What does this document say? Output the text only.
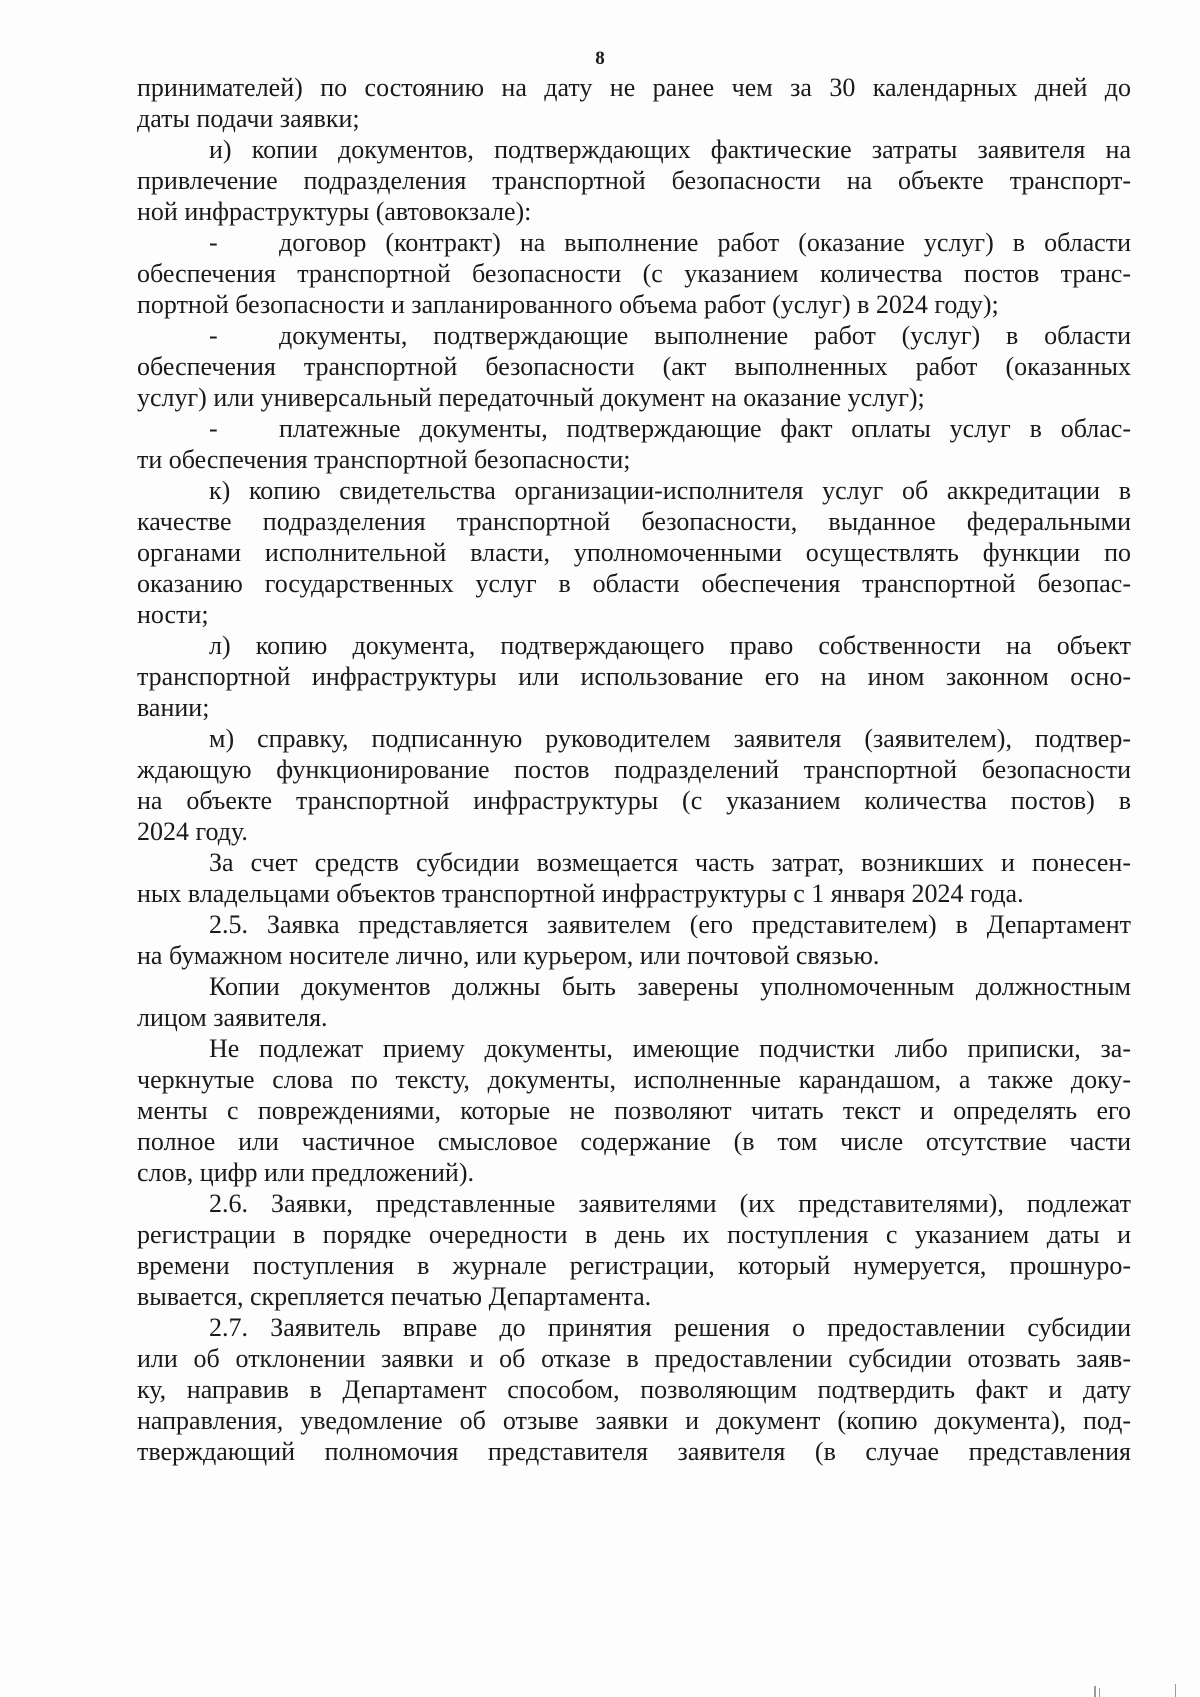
8
принимателей) по состоянию на дату не ранее чем за 30 календарных дней до
даты подачи заявки;
и) копии документов, подтверждающих фактические затраты заявителя на
привлечение подразделения транспортной безопасности на объекте транспорт-
ной инфраструктуры (автовокзале):
-	договор (контракт) на выполнение работ (оказание услуг) в области
обеспечения транспортной безопасности (с указанием количества постов транс-
портной безопасности и запланированного объема работ (услуг) в 2024 году);
-	документы, подтверждающие выполнение работ (услуг) в области
обеспечения транспортной безопасности (акт выполненных работ (оказанных
услуг) или универсальный передаточный документ на оказание услуг);
-	платежные документы, подтверждающие факт оплаты услуг в облас-
ти обеспечения транспортной безопасности;
к) копию свидетельства организации-исполнителя услуг об аккредитации в
качестве подразделения транспортной безопасности, выданное федеральными
органами исполнительной власти, уполномоченными осуществлять функции по
оказанию государственных услуг в области обеспечения транспортной безопас-
ности;
л) копию документа, подтверждающего право собственности на объект
транспортной инфраструктуры или использование его на ином законном осно-
вании;
м) справку, подписанную руководителем заявителя (заявителем), подтвер-
ждающую функционирование постов подразделений транспортной безопасности
на объекте транспортной инфраструктуры (с указанием количества постов) в
2024 году.
За счет средств субсидии возмещается часть затрат, возникших и понесен-
ных владельцами объектов транспортной инфраструктуры с 1 января 2024 года.
2.5. Заявка представляется заявителем (его представителем) в Департамент
на бумажном носителе лично, или курьером, или почтовой связью.
Копии документов должны быть заверены уполномоченным должностным
лицом заявителя.
Не подлежат приему документы, имеющие подчистки либо приписки, за-
черкнутые слова по тексту, документы, исполненные карандашом, а также доку-
менты с повреждениями, которые не позволяют читать текст и определять его
полное или частичное смысловое содержание (в том числе отсутствие части
слов, цифр или предложений).
2.6. Заявки, представленные заявителями (их представителями), подлежат
регистрации в порядке очередности в день их поступления с указанием даты и
времени поступления в журнале регистрации, который нумеруется, прошнуро-
вывается, скрепляется печатью Департамента.
2.7. Заявитель вправе до принятия решения о предоставлении субсидии
или об отклонении заявки и об отказе в предоставлении субсидии отозвать заяв-
ку, направив в Департамент способом, позволяющим подтвердить факт и дату
направления, уведомление об отзыве заявки и документ (копию документа), под-
тверждающий полномочия представителя заявителя (в случае представления
